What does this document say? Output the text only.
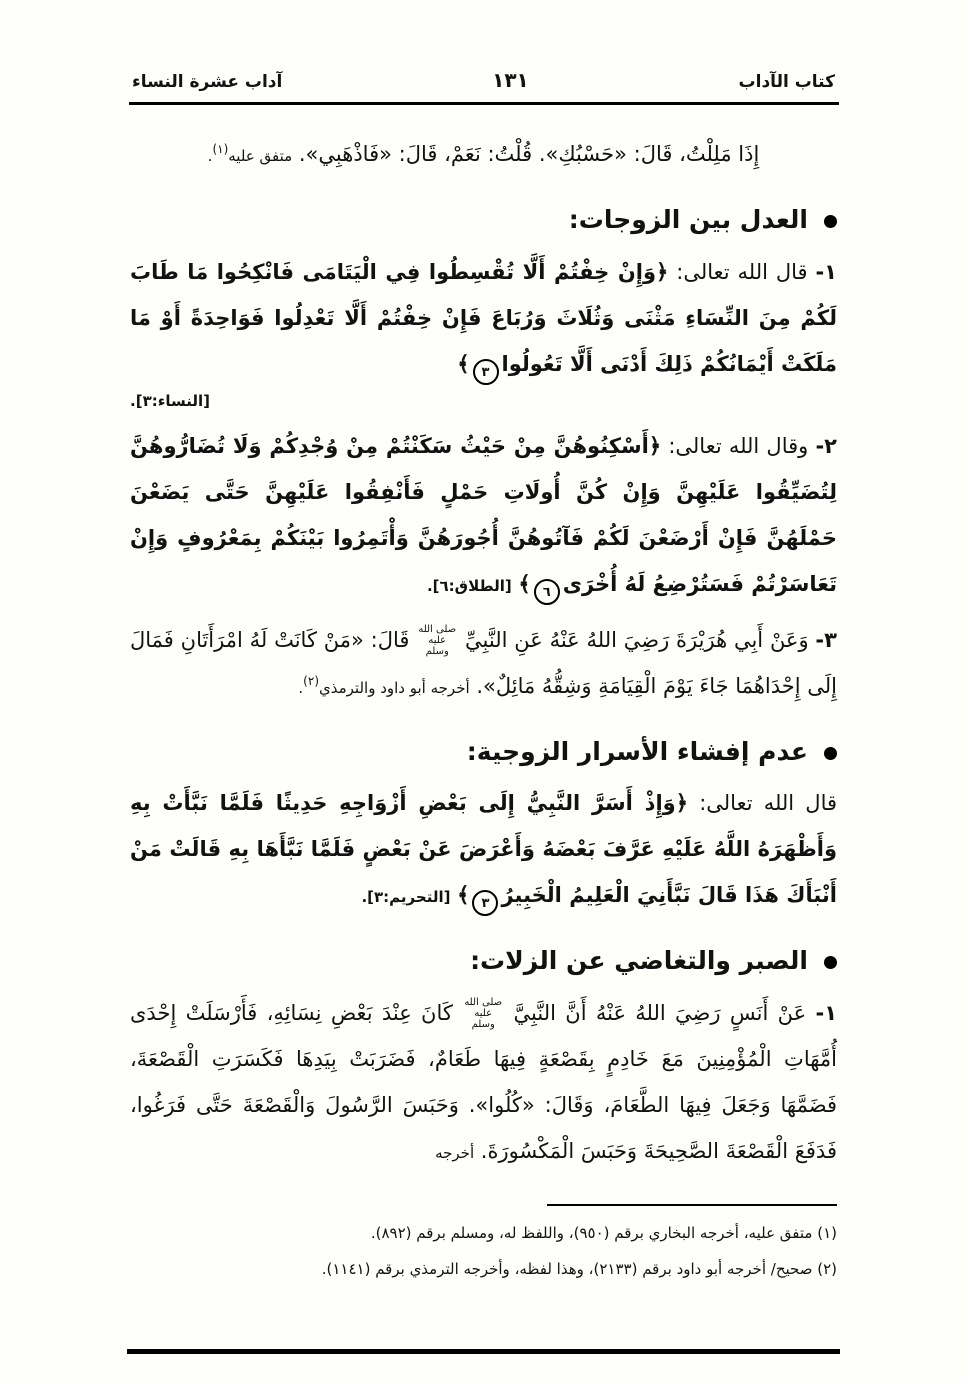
كتاب الآداب
١٣١
آداب عشرة النساء

إِذَا مَلِلْتُ، قَالَ: «حَسْبُكِ». قُلْتُ: نَعَمْ، قَالَ: «فَاذْهَبِي». متفق عليه$^{(١)}$.

العدل بين الزوجات:

١- قال الله تعالى: ﴿وَإِنْ خِفْتُمْ أَلَّا تُقْسِطُوا فِي الْيَتَامَى فَانْكِحُوا مَا طَابَ لَكُمْ مِنَ النِّسَاءِ مَثْنَى وَثُلَاثَ وَرُبَاعَ فَإِنْ خِفْتُمْ أَلَّا تَعْدِلُوا فَوَاحِدَةً أَوْ مَا مَلَكَتْ أَيْمَانُكُمْ ذَلِكَ أَدْنَى أَلَّا تَعُولُوا٣﴾

[النساء:٣].

٢- وقال الله تعالى: ﴿أَسْكِنُوهُنَّ مِنْ حَيْثُ سَكَنْتُمْ مِنْ وُجْدِكُمْ وَلَا تُضَارُّوهُنَّ لِتُضَيِّقُوا عَلَيْهِنَّ وَإِنْ كُنَّ أُولَاتِ حَمْلٍ فَأَنْفِقُوا عَلَيْهِنَّ حَتَّى يَضَعْنَ حَمْلَهُنَّ فَإِنْ أَرْضَعْنَ لَكُمْ فَآتُوهُنَّ أُجُورَهُنَّ وَأْتَمِرُوا بَيْنَكُمْ بِمَعْرُوفٍ وَإِنْ تَعَاسَرْتُمْ فَسَتُرْضِعُ لَهُ أُخْرَى٦﴾ [الطلاق:٦].

٣- وَعَنْ أَبِي هُرَيْرَةَ رَضِيَ اللهُ عَنْهُ عَنِ النَّبِيِّ صلى الله عليه وسلم قَالَ: «مَنْ كَانَتْ لَهُ امْرَأَتَانِ فَمَالَ إِلَى إِحْدَاهُمَا جَاءَ يَوْمَ الْقِيَامَةِ وَشِقُّهُ مَائِلٌ». أخرجه أبو داود والترمذي$^{(٢)}$.

عدم إفشاء الأسرار الزوجية:

قال الله تعالى: ﴿وَإِذْ أَسَرَّ النَّبِيُّ إِلَى بَعْضِ أَزْوَاجِهِ حَدِيثًا فَلَمَّا نَبَّأَتْ بِهِ وَأَظْهَرَهُ اللَّهُ عَلَيْهِ عَرَّفَ بَعْضَهُ وَأَعْرَضَ عَنْ بَعْضٍ فَلَمَّا نَبَّأَهَا بِهِ قَالَتْ مَنْ أَنْبَأَكَ هَذَا قَالَ نَبَّأَنِيَ الْعَلِيمُ الْخَبِيرُ٣﴾ [التحريم:٣].

الصبر والتغاضي عن الزلات:

١- عَنْ أَنَسٍ رَضِيَ اللهُ عَنْهُ أَنَّ النَّبِيَّ صلى الله عليه وسلم كَانَ عِنْدَ بَعْضِ نِسَائِهِ، فَأَرْسَلَتْ إِحْدَى أُمَّهَاتِ الْمُؤْمِنِينَ مَعَ خَادِمٍ بِقَصْعَةٍ فِيهَا طَعَامٌ، فَضَرَبَتْ بِيَدِهَا فَكَسَرَتِ الْقَصْعَةَ، فَضَمَّهَا وَجَعَلَ فِيهَا الطَّعَامَ، وَقَالَ: «كُلُوا». وَحَبَسَ الرَّسُولَ وَالْقَصْعَةَ حَتَّى فَرَغُوا، فَدَفَعَ الْقَصْعَةَ الصَّحِيحَةَ وَحَبَسَ الْمَكْسُورَةَ. أخرجه

(١) متفق عليه، أخرجه البخاري برقم (٩٥٠)، واللفظ له، ومسلم برقم (٨٩٢).

(٢) صحيح/ أخرجه أبو داود برقم (٢١٣٣)، وهذا لفظه، وأخرجه الترمذي برقم (١١٤١).
